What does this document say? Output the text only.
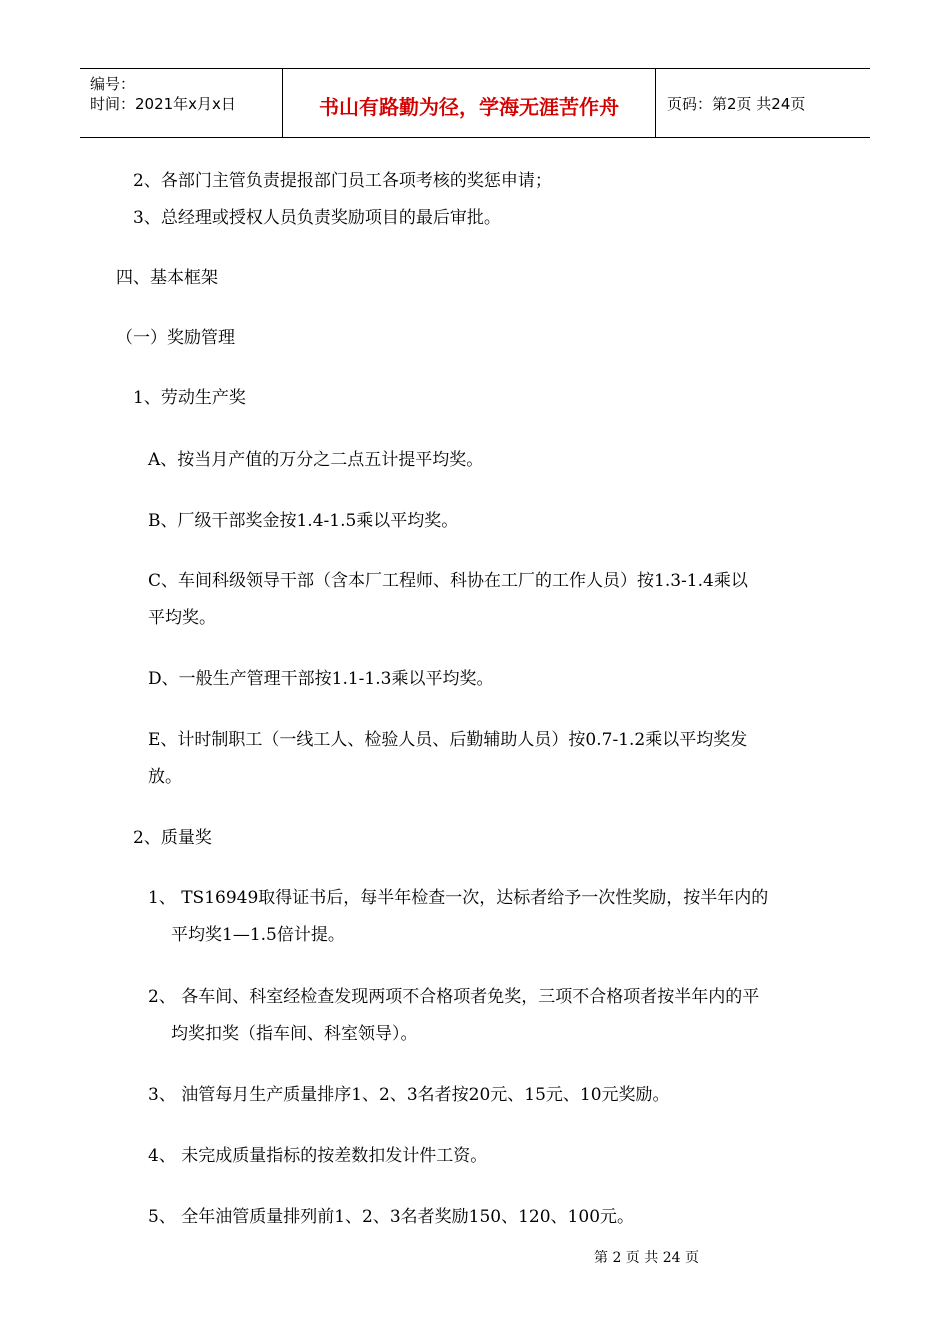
编号：
时间：2021年x月x日	书山有路勤为径，学海无涯苦作舟	页码：第2页 共24页
2、各部门主管负责提报部门员工各项考核的奖惩申请；
3、总经理或授权人员负责奖励项目的最后审批。
四、基本框架
（一）奖励管理
1、劳动生产奖
A、按当月产值的万分之二点五计提平均奖。
B、厂级干部奖金按1.4-1.5乘以平均奖。
C、车间科级领导干部（含本厂工程师、科协在工厂的工作人员）按1.3-1.4乘以
平均奖。
D、一般生产管理干部按1.1-1.3乘以平均奖。
E、计时制职工（一线工人、检验人员、后勤辅助人员）按0.7-1.2乘以平均奖发
放。
2、质量奖
1、 TS16949取得证书后，每半年检查一次，达标者给予一次性奖励，按半年内的
平均奖1—1.5倍计提。
2、 各车间、科室经检查发现两项不合格项者免奖，三项不合格项者按半年内的平
均奖扣奖（指车间、科室领导）。
3、 油管每月生产质量排序1、2、3名者按20元、15元、10元奖励。
4、 未完成质量指标的按差数扣发计件工资。
5、 全年油管质量排列前1、2、3名者奖励150、120、100元。
第 2 页 共 24 页
